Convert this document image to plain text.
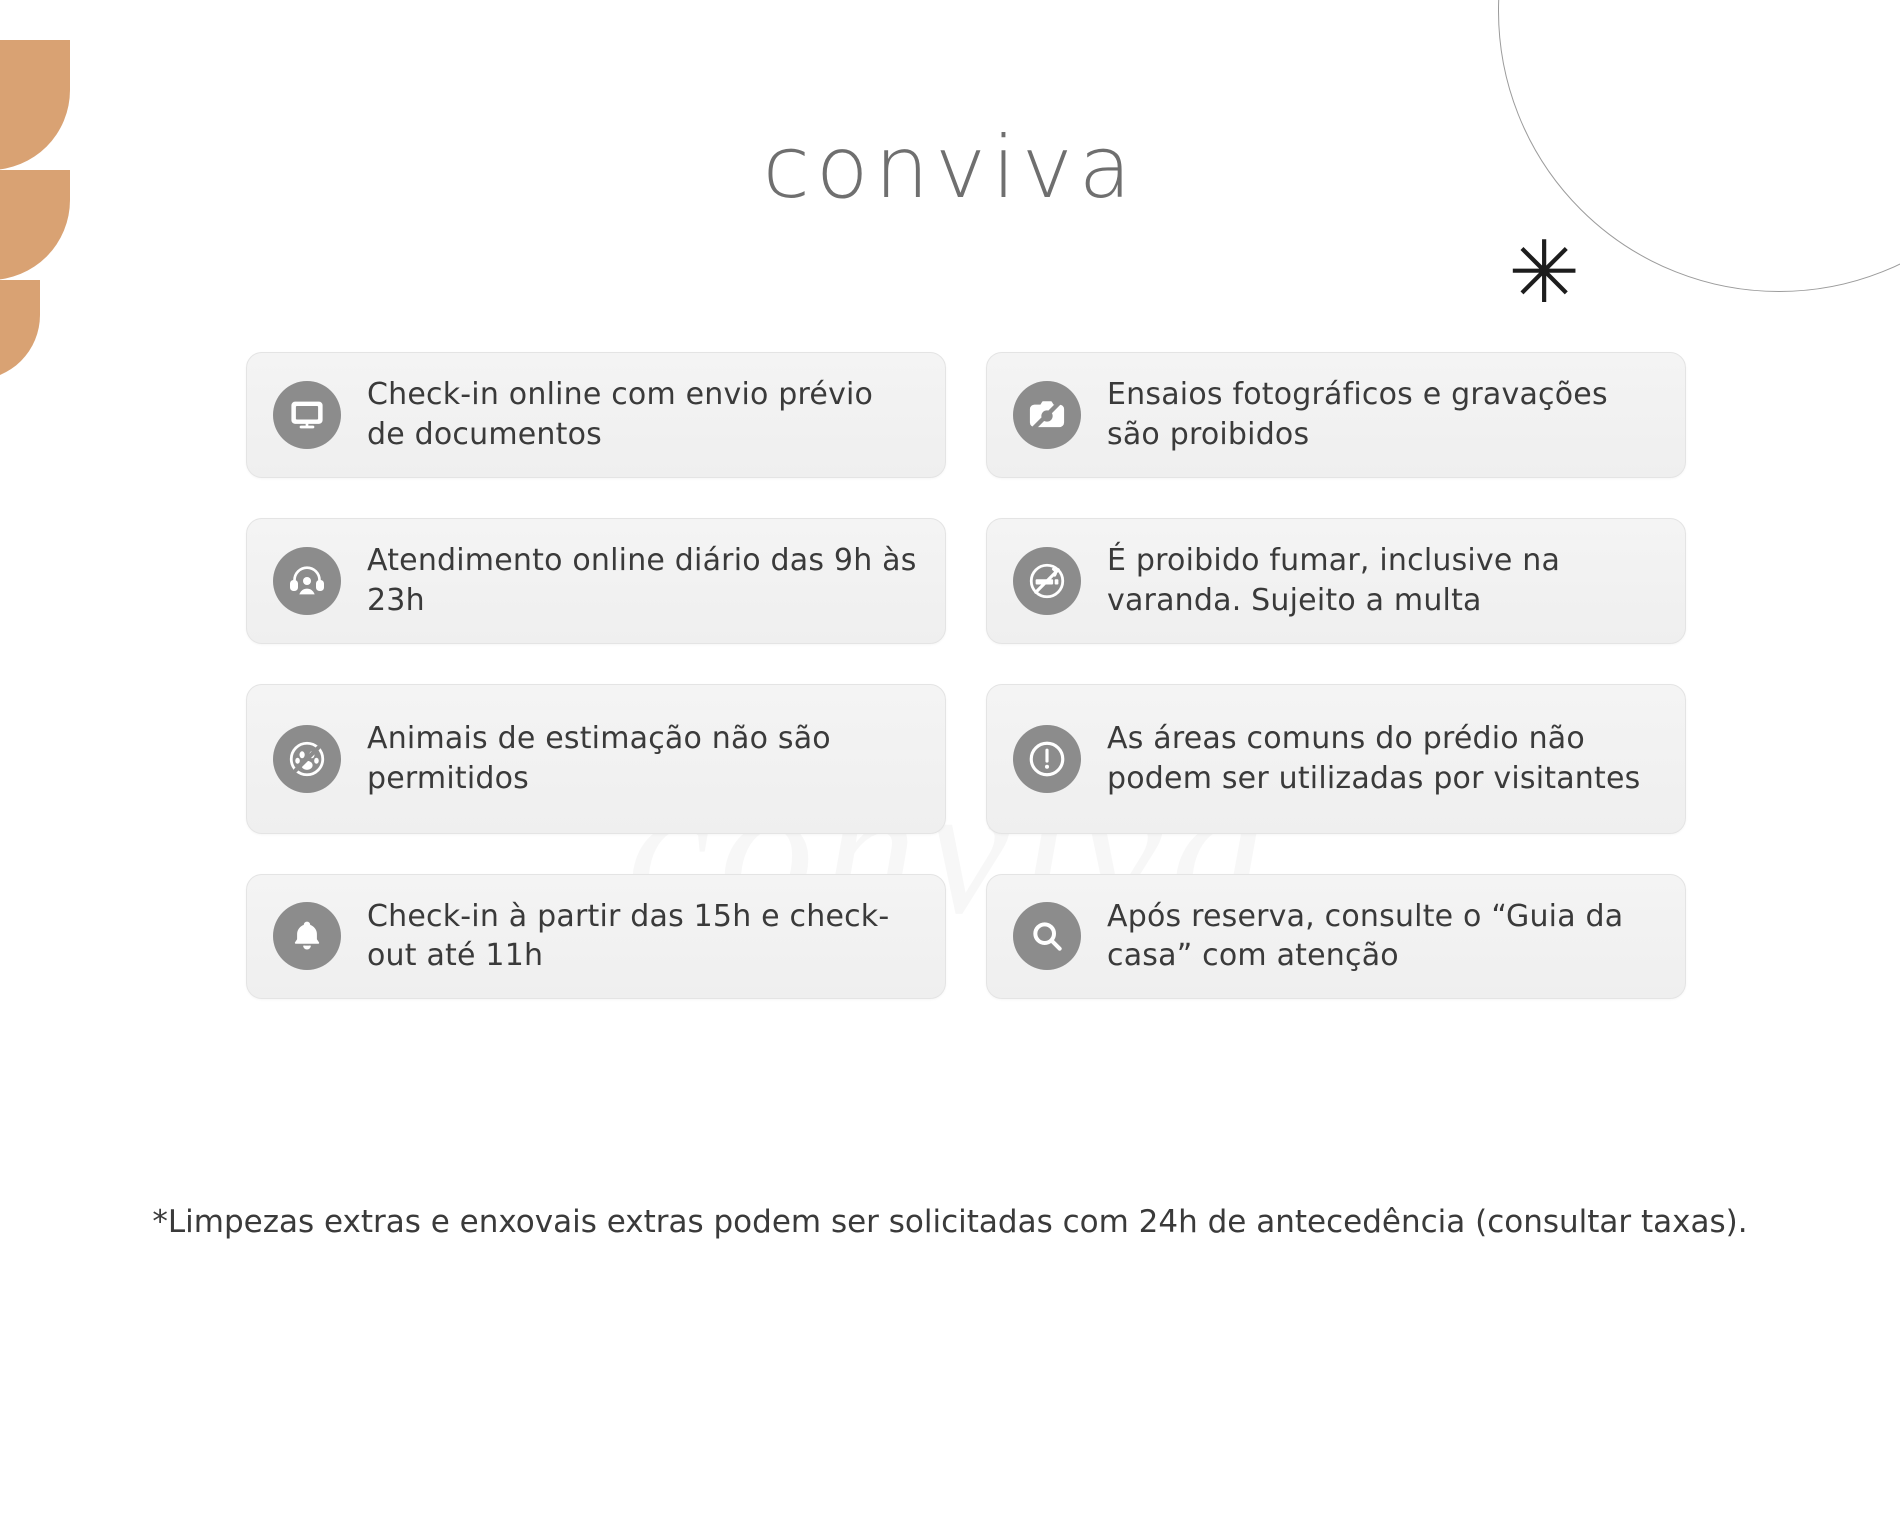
✳
conviva
Check-in online com envio prévio de documentos
Ensaios fotográficos e gravações são proibidos
Atendimento online diário das 9h às 23h
É proibido fumar, inclusive na varanda. Sujeito a multa
Animais de estimação não são permitidos
As áreas comuns do prédio não podem ser utilizadas por visitantes
Check-in à partir das 15h e check-out até 11h
Após reserva, consulte o “Guia da casa” com atenção
*Limpezas extras e enxovais extras podem ser solicitadas com 24h de antecedência (consultar taxas).
